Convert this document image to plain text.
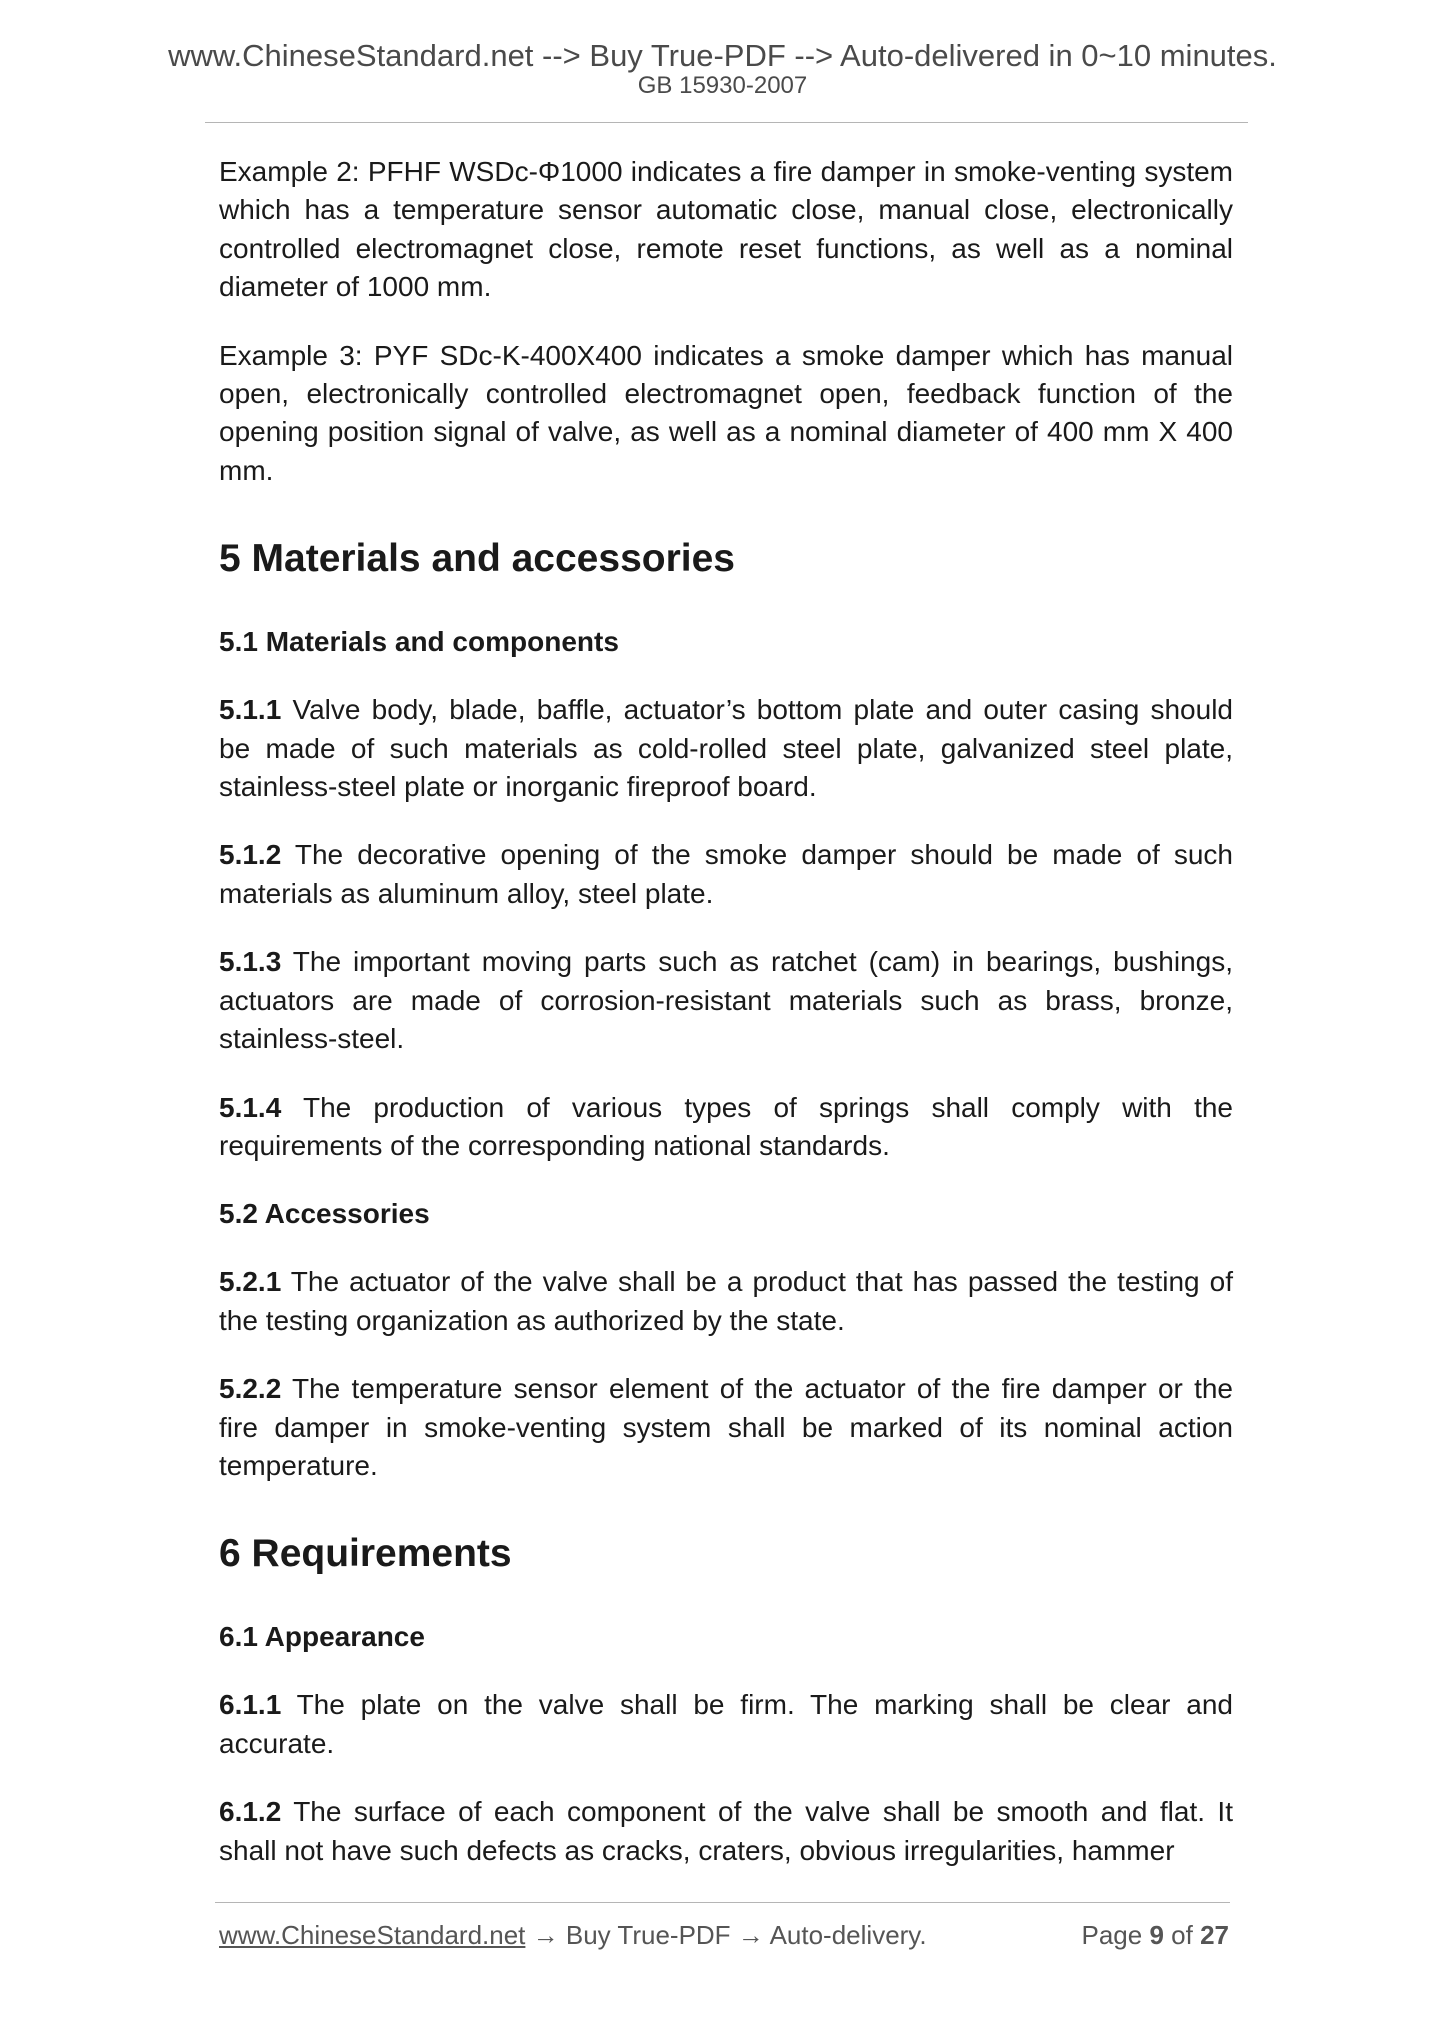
www.ChineseStandard.net --> Buy True-PDF --> Auto-delivered in 0~10 minutes.
GB 15930-2007

Example 2: PFHF WSDc-Φ1000 indicates a fire damper in smoke-venting system which has a temperature sensor automatic close, manual close, electronically controlled electromagnet close, remote reset functions, as well as a nominal diameter of 1000 mm.

Example 3: PYF SDc-K-400X400 indicates a smoke damper which has manual open, electronically controlled electromagnet open, feedback function of the opening position signal of valve, as well as a nominal diameter of 400 mm X 400 mm.

5 Materials and accessories
5.1 Materials and components

5.1.1 Valve body, blade, baffle, actuator’s bottom plate and outer casing should be made of such materials as cold-rolled steel plate, galvanized steel plate, stainless-steel plate or inorganic fireproof board.

5.1.2 The decorative opening of the smoke damper should be made of such materials as aluminum alloy, steel plate.

5.1.3 The important moving parts such as ratchet (cam) in bearings, bushings, actuators are made of corrosion-resistant materials such as brass, bronze, stainless-steel.

5.1.4 The production of various types of springs shall comply with the requirements of the corresponding national standards.

5.2 Accessories

5.2.1 The actuator of the valve shall be a product that has passed the testing of the testing organization as authorized by the state.

5.2.2 The temperature sensor element of the actuator of the fire damper or the fire damper in smoke-venting system shall be marked of its nominal action temperature.

6 Requirements
6.1 Appearance

6.1.1 The plate on the valve shall be firm. The marking shall be clear and accurate.

6.1.2 The surface of each component of the valve shall be smooth and flat. It shall not have such defects as cracks, craters, obvious irregularities, hammer

www.ChineseStandard.net → Buy True-PDF → Auto-delivery.	Page 9 of 27
